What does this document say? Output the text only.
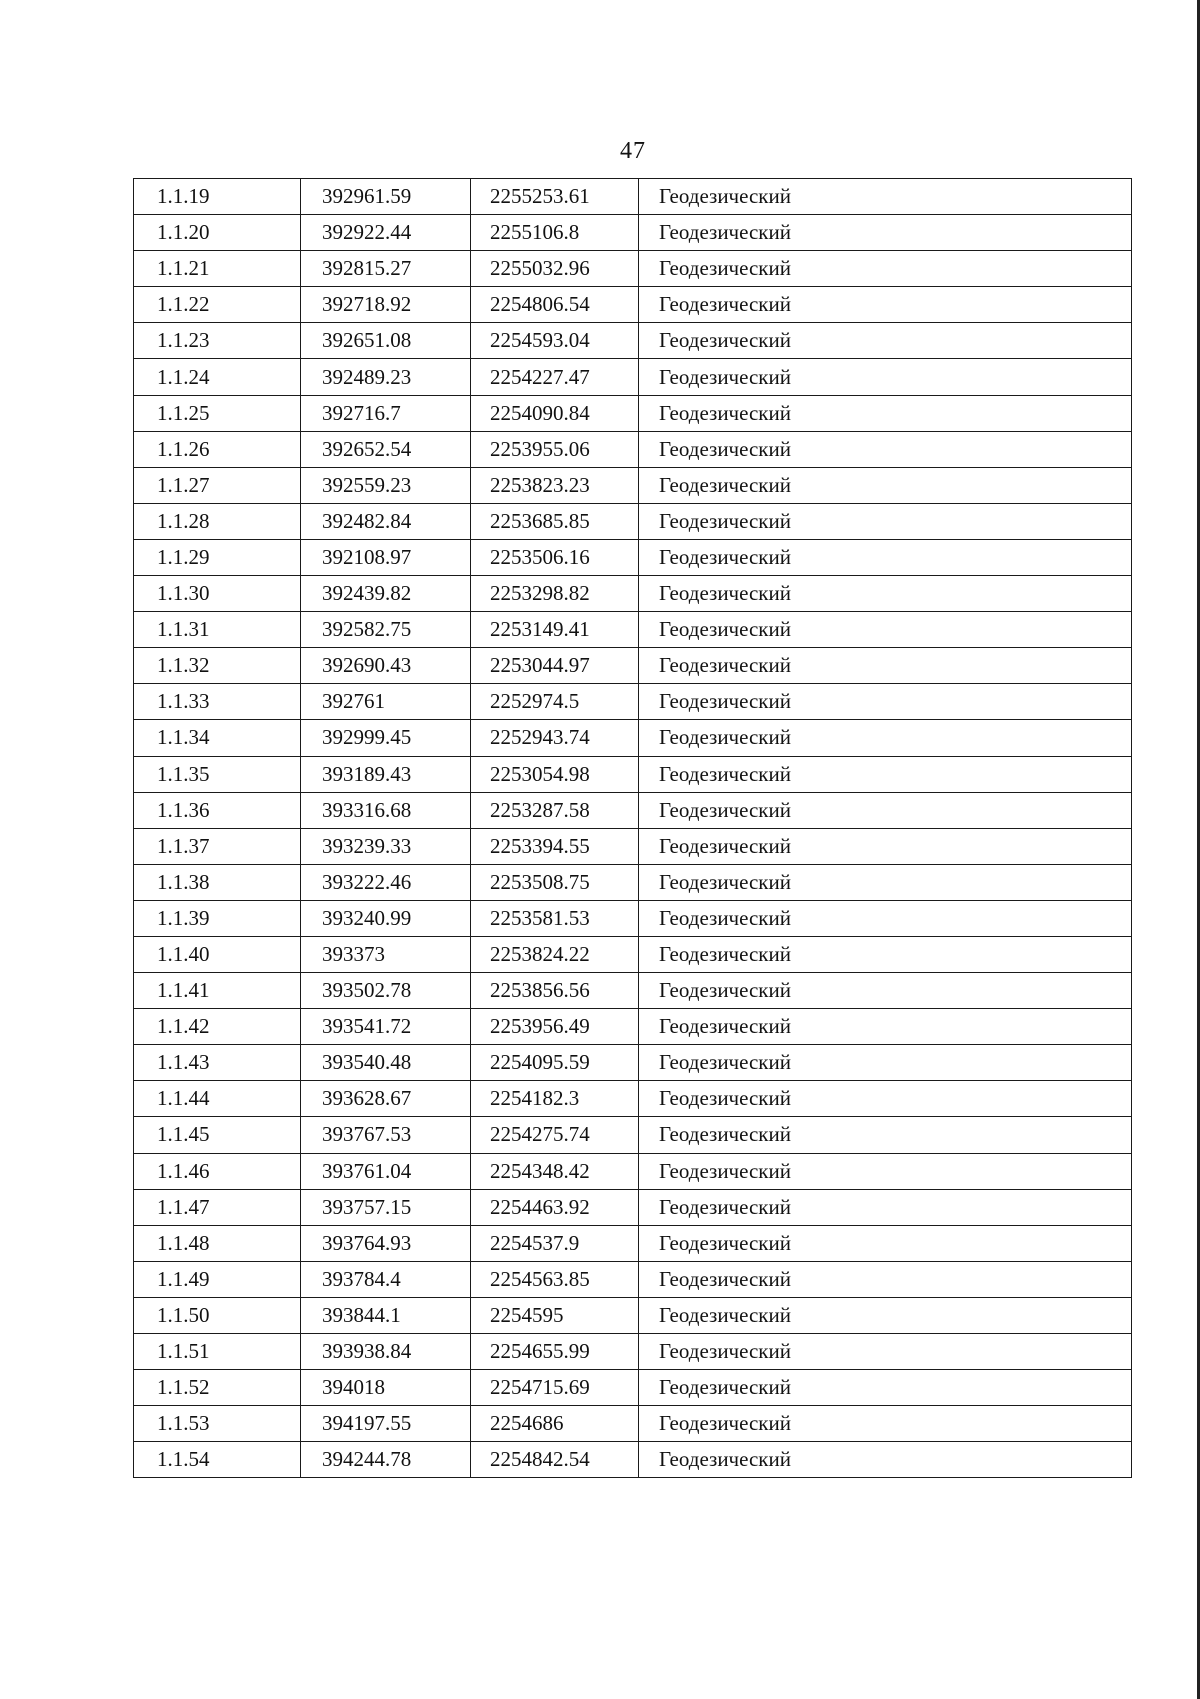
47
1.1.19	392961.59	2255253.61	Геодезический
1.1.20	392922.44	2255106.8	Геодезический
1.1.21	392815.27	2255032.96	Геодезический
1.1.22	392718.92	2254806.54	Геодезический
1.1.23	392651.08	2254593.04	Геодезический
1.1.24	392489.23	2254227.47	Геодезический
1.1.25	392716.7	2254090.84	Геодезический
1.1.26	392652.54	2253955.06	Геодезический
1.1.27	392559.23	2253823.23	Геодезический
1.1.28	392482.84	2253685.85	Геодезический
1.1.29	392108.97	2253506.16	Геодезический
1.1.30	392439.82	2253298.82	Геодезический
1.1.31	392582.75	2253149.41	Геодезический
1.1.32	392690.43	2253044.97	Геодезический
1.1.33	392761	2252974.5	Геодезический
1.1.34	392999.45	2252943.74	Геодезический
1.1.35	393189.43	2253054.98	Геодезический
1.1.36	393316.68	2253287.58	Геодезический
1.1.37	393239.33	2253394.55	Геодезический
1.1.38	393222.46	2253508.75	Геодезический
1.1.39	393240.99	2253581.53	Геодезический
1.1.40	393373	2253824.22	Геодезический
1.1.41	393502.78	2253856.56	Геодезический
1.1.42	393541.72	2253956.49	Геодезический
1.1.43	393540.48	2254095.59	Геодезический
1.1.44	393628.67	2254182.3	Геодезический
1.1.45	393767.53	2254275.74	Геодезический
1.1.46	393761.04	2254348.42	Геодезический
1.1.47	393757.15	2254463.92	Геодезический
1.1.48	393764.93	2254537.9	Геодезический
1.1.49	393784.4	2254563.85	Геодезический
1.1.50	393844.1	2254595	Геодезический
1.1.51	393938.84	2254655.99	Геодезический
1.1.52	394018	2254715.69	Геодезический
1.1.53	394197.55	2254686	Геодезический
1.1.54	394244.78	2254842.54	Геодезический
